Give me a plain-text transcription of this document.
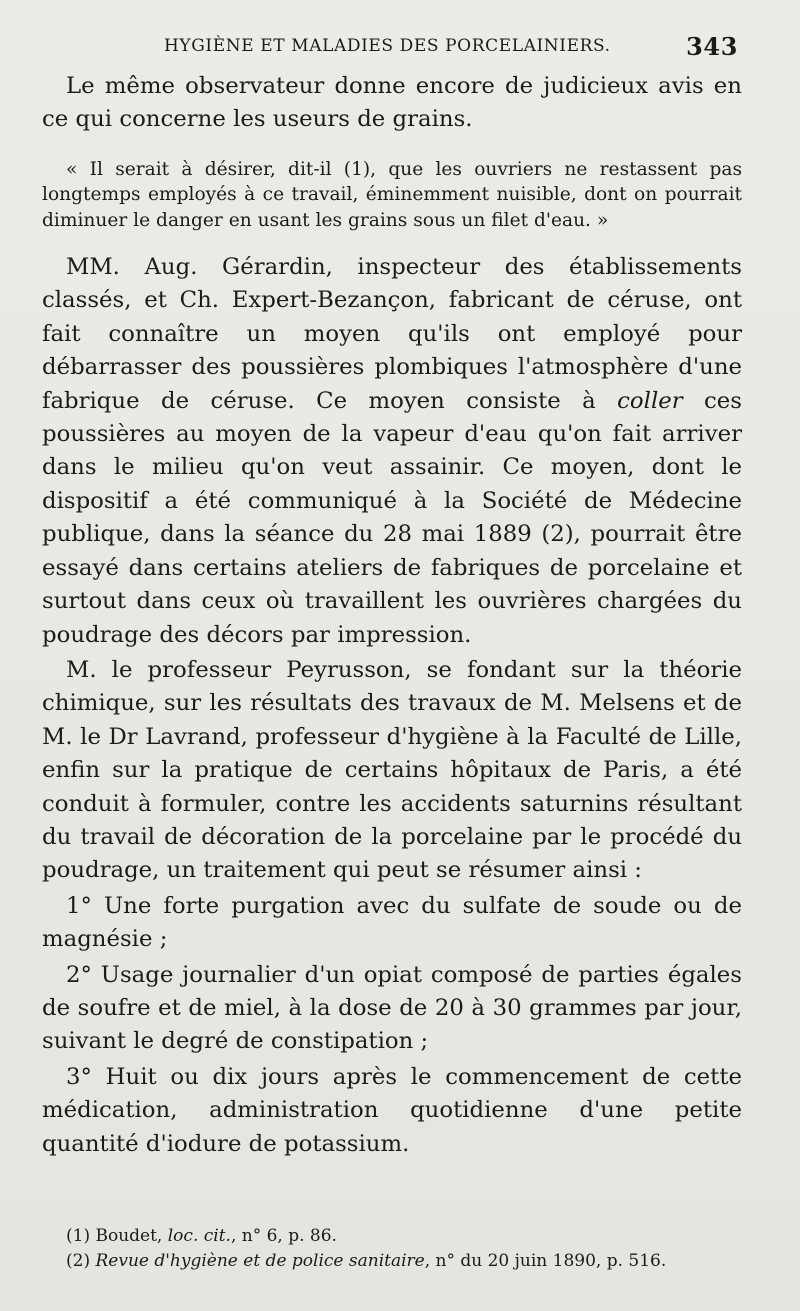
HYGIÈNE ET MALADIES DES PORCELAINIERS.	343

Le même observateur donne encore de judicieux avis en ce qui concerne les useurs de grains.

« Il serait à désirer, dit-il (1), que les ouvriers ne restassent pas longtemps employés à ce travail, éminemment nuisible, dont on pourrait diminuer le danger en usant les grains sous un filet d'eau. »

MM. Aug. Gérardin, inspecteur des établissements classés, et Ch. Expert-Bezançon, fabricant de céruse, ont fait connaître un moyen qu'ils ont employé pour débarrasser des poussières plombiques l'atmosphère d'une fabrique de céruse. Ce moyen consiste à coller ces poussières au moyen de la vapeur d'eau qu'on fait arriver dans le milieu qu'on veut assainir. Ce moyen, dont le dispositif a été communiqué à la Société de Médecine publique, dans la séance du 28 mai 1889 (2), pourrait être essayé dans certains ateliers de fabriques de porcelaine et surtout dans ceux où travaillent les ouvrières chargées du poudrage des décors par impression.

M. le professeur Peyrusson, se fondant sur la théorie chimique, sur les résultats des travaux de M. Melsens et de M. le Dr Lavrand, professeur d'hygiène à la Faculté de Lille, enfin sur la pratique de certains hôpitaux de Paris, a été conduit à formuler, contre les accidents saturnins résultant du travail de décoration de la porcelaine par le procédé du poudrage, un traitement qui peut se résumer ainsi :

1° Une forte purgation avec du sulfate de soude ou de magnésie ;

2° Usage journalier d'un opiat composé de parties égales de soufre et de miel, à la dose de 20 à 30 grammes par jour, suivant le degré de constipation ;

3° Huit ou dix jours après le commencement de cette médication, administration quotidienne d'une petite quantité d'iodure de potassium.

(1) Boudet, loc. cit., n° 6, p. 86.
(2) Revue d'hygiène et de police sanitaire, n° du 20 juin 1890, p. 516.
